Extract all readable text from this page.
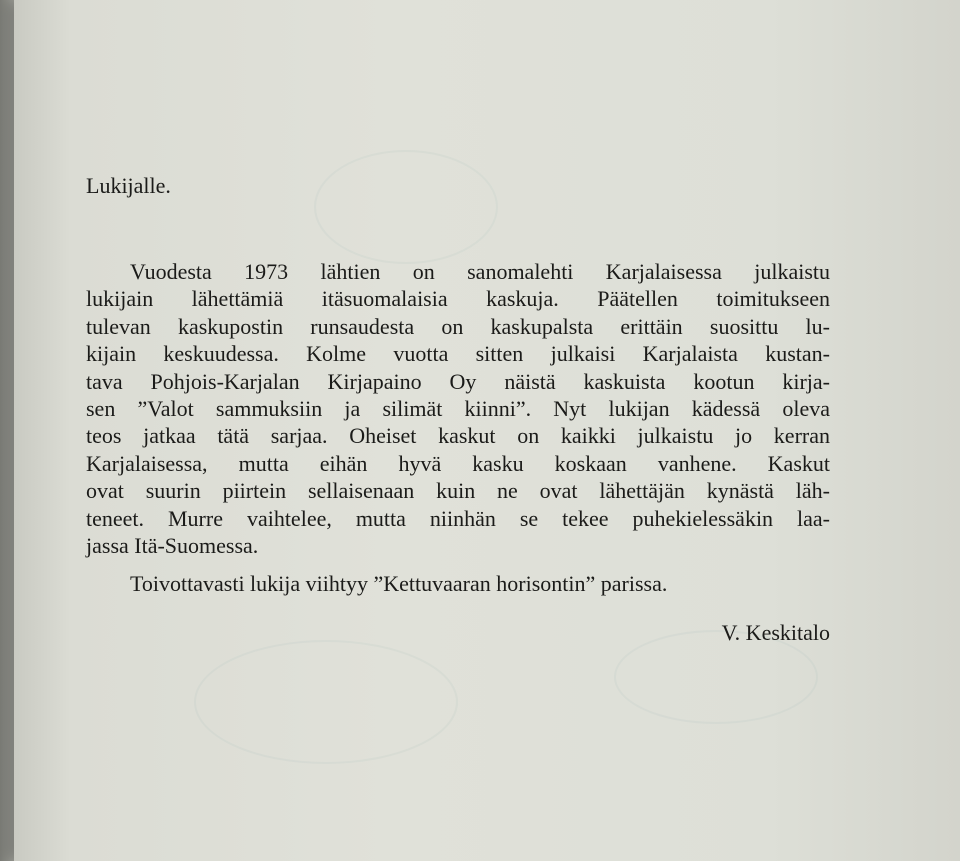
Lukijalle.
Vuodesta 1973 lähtien on sanomalehti Karjalaisessa julkaistu
lukijain lähettämiä itäsuomalaisia kaskuja. Päätellen toimitukseen
tulevan kaskupostin runsaudesta on kaskupalsta erittäin suosittu lu-
kijain keskuudessa. Kolme vuotta sitten julkaisi Karjalaista kustan-
tava Pohjois-Karjalan Kirjapaino Oy näistä kaskuista kootun kirja-
sen ”Valot sammuksiin ja silimät kiinni”. Nyt lukijan kädessä oleva
teos jatkaa tätä sarjaa. Oheiset kaskut on kaikki julkaistu jo kerran
Karjalaisessa, mutta eihän hyvä kasku koskaan vanhene. Kaskut
ovat suurin piirtein sellaisenaan kuin ne ovat lähettäjän kynästä läh-
teneet. Murre vaihtelee, mutta niinhän se tekee puhekielessäkin laa-
jassa Itä-Suomessa.
Toivottavasti lukija viihtyy ”Kettuvaaran horisontin” parissa.
V. Keskitalo
